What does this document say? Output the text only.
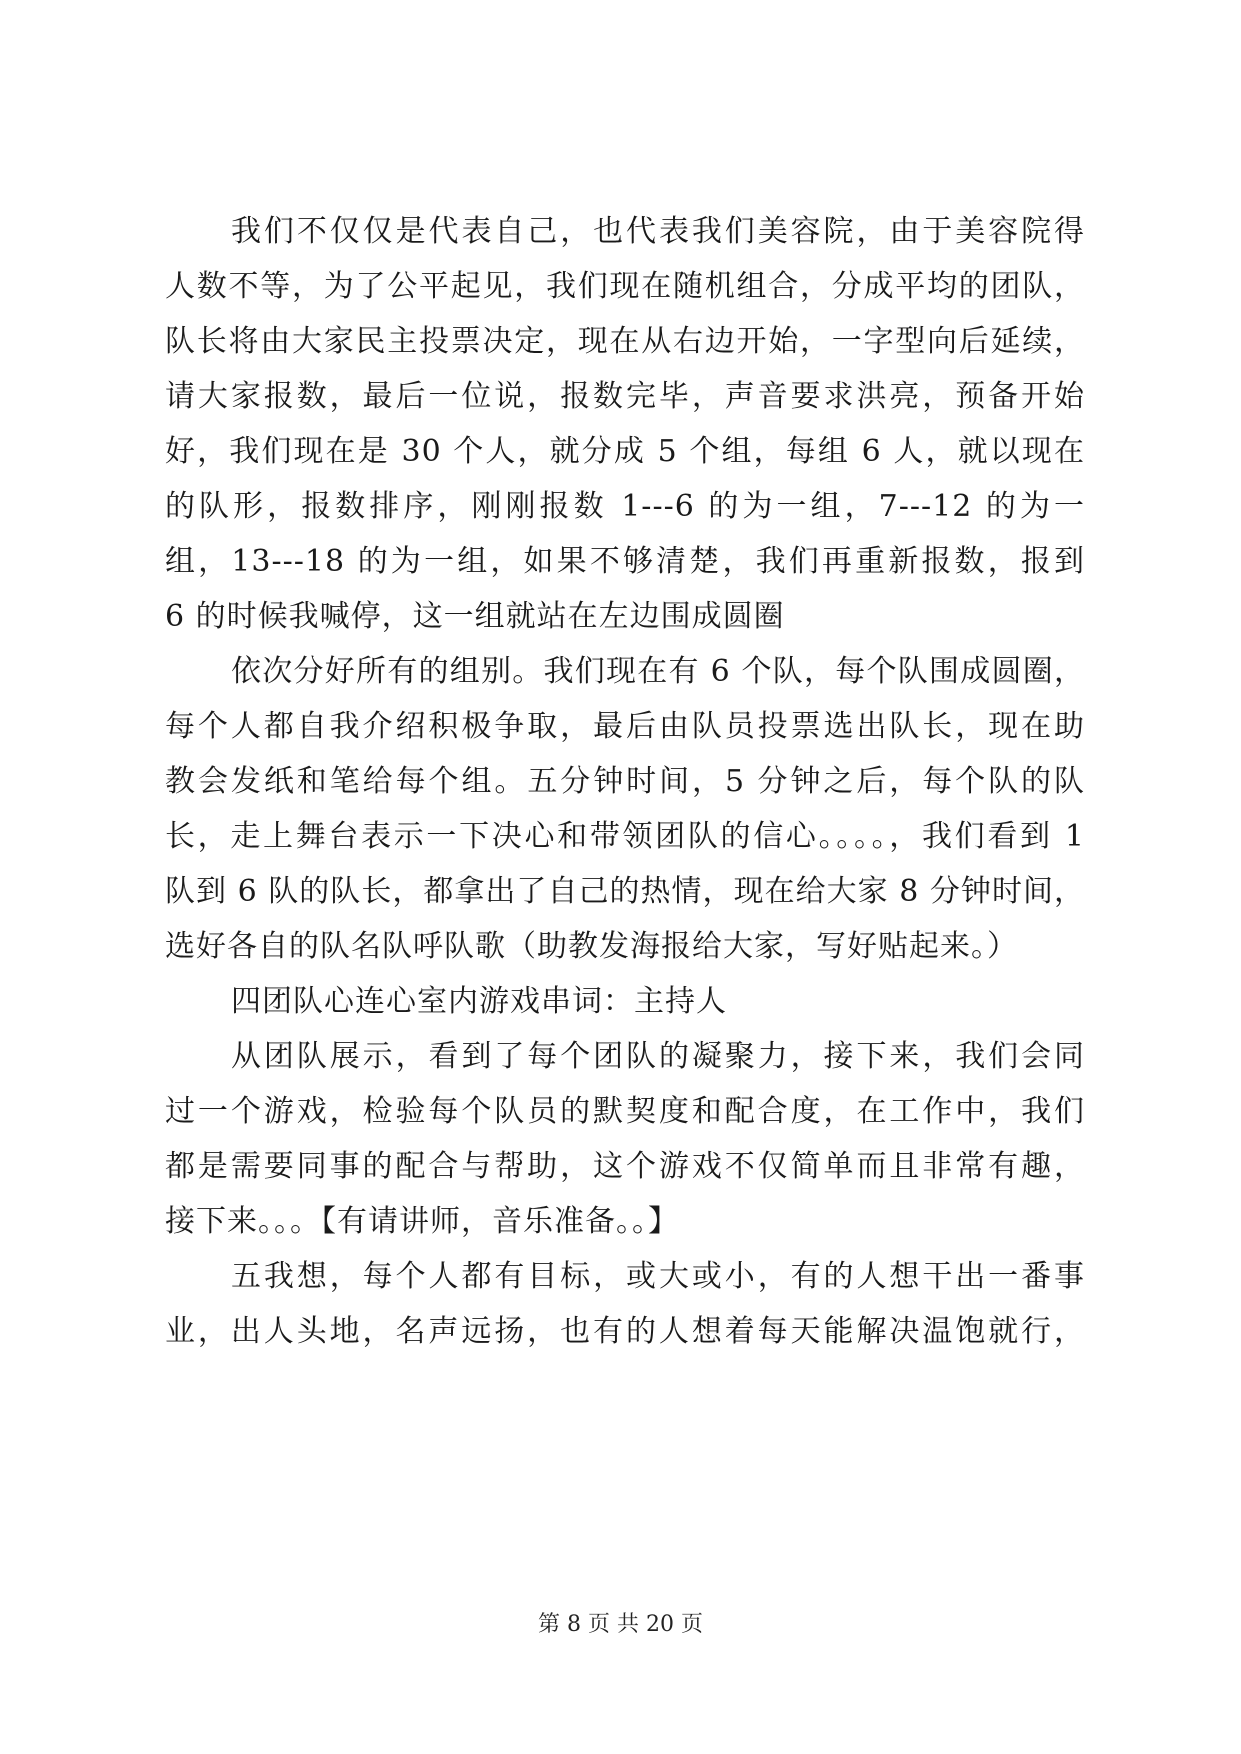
我们不仅仅是代表自己，也代表我们美容院，由于美容院得
人数不等，为了公平起见，我们现在随机组合，分成平均的团队，
队长将由大家民主投票决定，现在从右边开始，一字型向后延续，
请大家报数，最后一位说，报数完毕，声音要求洪亮，预备开始
好，我们现在是 30 个人，就分成 5 个组，每组 6 人，就以现在
的队形，报数排序，刚刚报数 1---6 的为一组，7---12 的为一
组，13---18 的为一组，如果不够清楚，我们再重新报数，报到
6 的时候我喊停，这一组就站在左边围成圆圈
依次分好所有的组别。我们现在有 6 个队，每个队围成圆圈，
每个人都自我介绍积极争取，最后由队员投票选出队长，现在助
教会发纸和笔给每个组。五分钟时间，5 分钟之后，每个队的队
长，走上舞台表示一下决心和带领团队的信心。。。。，我们看到 1
队到 6 队的队长，都拿出了自己的热情，现在给大家 8 分钟时间，
选好各自的队名队呼队歌（助教发海报给大家，写好贴起来。）
四团队心连心室内游戏串词：主持人
从团队展示，看到了每个团队的凝聚力，接下来，我们会同
过一个游戏，检验每个队员的默契度和配合度，在工作中，我们
都是需要同事的配合与帮助，这个游戏不仅简单而且非常有趣，
接下来。。。【有请讲师，音乐准备。。】
五我想，每个人都有目标，或大或小，有的人想干出一番事
业，出人头地，名声远扬，也有的人想着每天能解决温饱就行，
第 8 页 共 20 页
